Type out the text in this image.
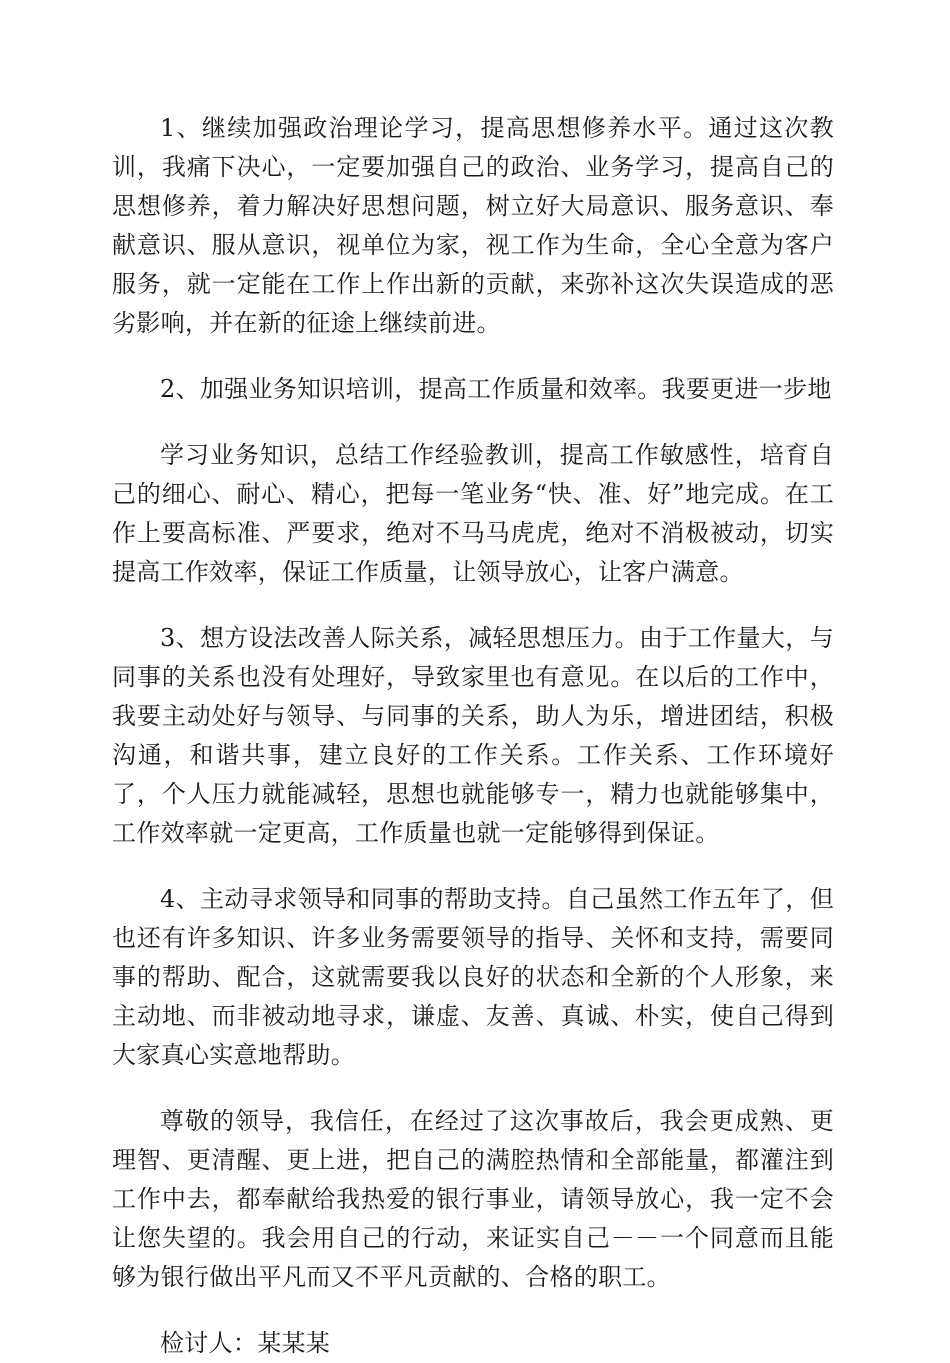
1、继续加强政治理论学习，提高思想修养水平。通过这次教训，我痛下决心，一定要加强自己的政治、业务学习，提高自己的思想修养，着力解决好思想问题，树立好大局意识、服务意识、奉献意识、服从意识，视单位为家，视工作为生命，全心全意为客户服务，就一定能在工作上作出新的贡献，来弥补这次失误造成的恶劣影响，并在新的征途上继续前进。

2、加强业务知识培训，提高工作质量和效率。我要更进一步地

学习业务知识，总结工作经验教训，提高工作敏感性，培育自己的细心、耐心、精心，把每一笔业务“快、准、好”地完成。在工作上要高标准、严要求，绝对不马马虎虎，绝对不消极被动，切实提高工作效率，保证工作质量，让领导放心，让客户满意。

3、想方设法改善人际关系，减轻思想压力。由于工作量大，与同事的关系也没有处理好，导致家里也有意见。在以后的工作中，我要主动处好与领导、与同事的关系，助人为乐，增进团结，积极沟通，和谐共事，建立良好的工作关系。工作关系、工作环境好了，个人压力就能减轻，思想也就能够专一，精力也就能够集中，工作效率就一定更高，工作质量也就一定能够得到保证。

4、主动寻求领导和同事的帮助支持。自己虽然工作五年了，但也还有许多知识、许多业务需要领导的指导、关怀和支持，需要同事的帮助、配合，这就需要我以良好的状态和全新的个人形象，来主动地、而非被动地寻求，谦虚、友善、真诚、朴实，使自己得到大家真心实意地帮助。

尊敬的领导，我信任，在经过了这次事故后，我会更成熟、更理智、更清醒、更上进，把自己的满腔热情和全部能量，都灌注到工作中去，都奉献给我热爱的银行事业，请领导放心，我一定不会让您失望的。我会用自己的行动，来证实自己－－一个同意而且能够为银行做出平凡而又不平凡贡献的、合格的职工。

检讨人：某某某
